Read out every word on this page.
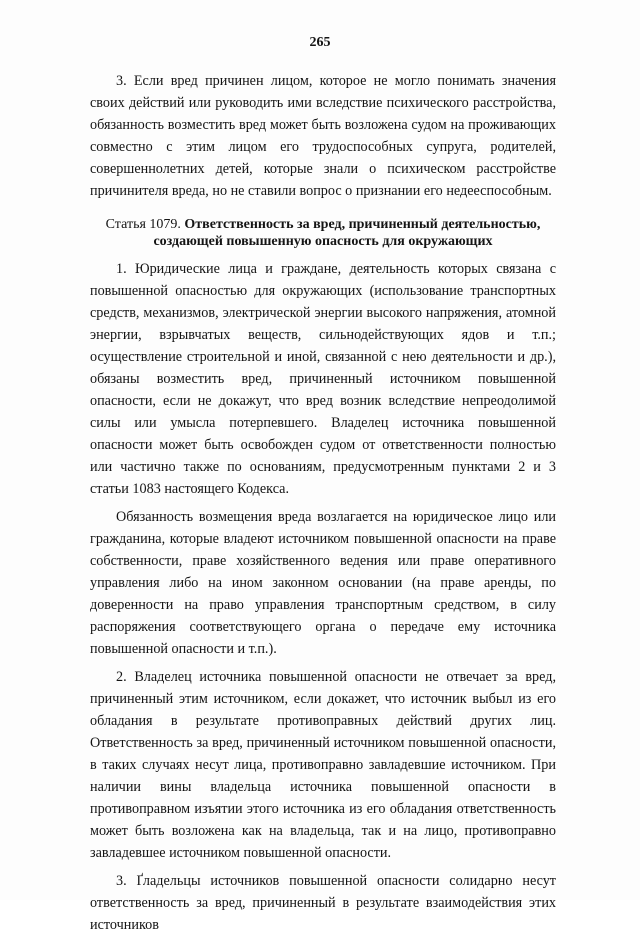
265

3. Если вред причинен лицом, которое не могло понимать значения своих действий или руководить ими вследствие психического расстройства, обязанность возместить вред может быть возложена судом на проживающих совместно с этим лицом его трудоспособных супруга, родителей, совершеннолетних детей, которые знали о психическом расстройстве причинителя вреда, но не ставили вопрос о признании его недееспособным.

Статья 1079. Ответственность за вред, причиненный деятельностью, создающей повышенную опасность для окружающих

1. Юридические лица и граждане, деятельность которых связана с повышенной опасностью для окружающих (использование транспортных средств, механизмов, электрической энергии высокого напряжения, атомной энергии, взрывчатых веществ, сильнодействующих ядов и т.п.; осуществление строительной и иной, связанной с нею деятельности и др.), обязаны возместить вред, причиненный источником повышенной опасности, если не докажут, что вред возник вследствие непреодолимой силы или умысла потерпевшего. Владелец источника повышенной опасности может быть освобожден судом от ответственности полностью или частично также по основаниям, предусмотренным пунктами 2 и 3 статьи 1083 настоящего Кодекса.

Обязанность возмещения вреда возлагается на юридическое лицо или гражданина, которые владеют источником повышенной опасности на праве собственности, праве хозяйственного ведения или праве оперативного управления либо на ином законном основании (на праве аренды, по доверенности на право управления транспортным средством, в силу распоряжения соответствующего органа о передаче ему источника повышенной опасности и т.п.).

2. Владелец источника повышенной опасности не отвечает за вред, причиненный этим источником, если докажет, что источник выбыл из его обладания в результате противоправных действий других лиц. Ответственность за вред, причиненный источником повышенной опасности, в таких случаях несут лица, противоправно завладевшие источником. При наличии вины владельца источника повышенной опасности в противоправном изъятии этого источника из его обладания ответственность может быть возложена как на владельца, так и на лицо, противоправно завладевшее источником повышенной опасности.

3. Ґладельцы источников повышенной опасности солидарно несут ответственность за вред, причиненный в результате взаимодействия этих источников
